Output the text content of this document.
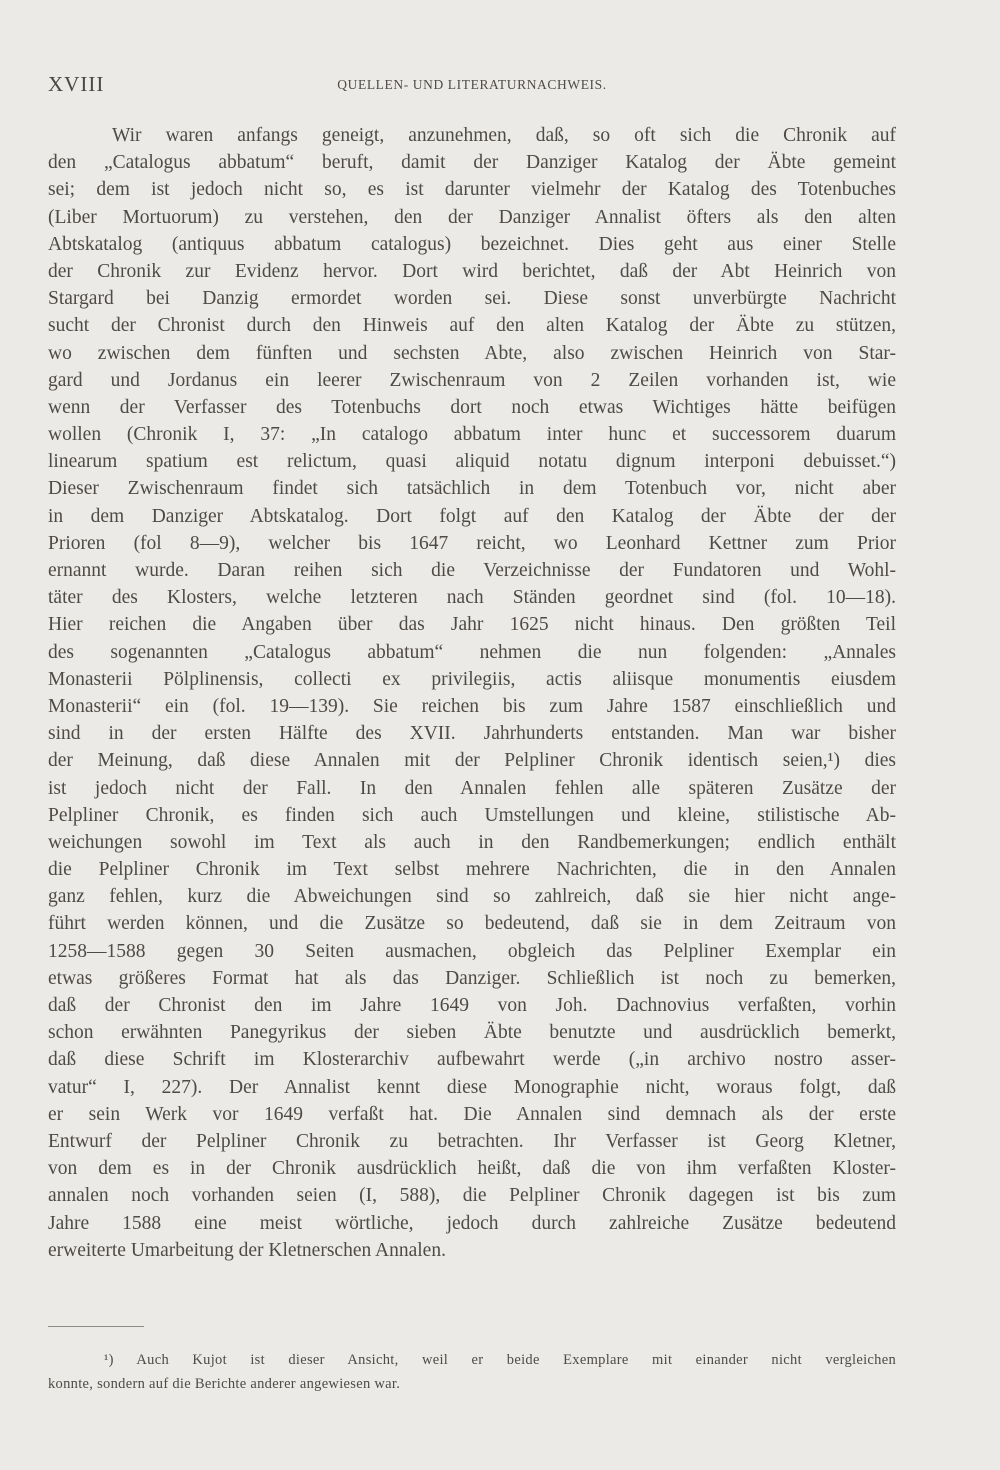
XVIII	QUELLEN- UND LITERATURNACHWEIS.
Wir waren anfangs geneigt, anzunehmen, daß, so oft sich die Chronik auf
den „Catalogus abbatum“ beruft, damit der Danziger Katalog der Äbte gemeint
sei; dem ist jedoch nicht so, es ist darunter vielmehr der Katalog des Totenbuches
(Liber Mortuorum) zu verstehen, den der Danziger Annalist öfters als den alten
Abtskatalog (antiquus abbatum catalogus) bezeichnet. Dies geht aus einer Stelle
der Chronik zur Evidenz hervor. Dort wird berichtet, daß der Abt Heinrich von
Stargard bei Danzig ermordet worden sei. Diese sonst unverbürgte Nachricht
sucht der Chronist durch den Hinweis auf den alten Katalog der Äbte zu stützen,
wo zwischen dem fünften und sechsten Abte, also zwischen Heinrich von Star-
gard und Jordanus ein leerer Zwischenraum von 2 Zeilen vorhanden ist, wie
wenn der Verfasser des Totenbuchs dort noch etwas Wichtiges hätte beifügen
wollen (Chronik I, 37: „In catalogo abbatum inter hunc et successorem duarum
linearum spatium est relictum, quasi aliquid notatu dignum interponi debuisset.“)
Dieser Zwischenraum findet sich tatsächlich in dem Totenbuch vor, nicht aber
in dem Danziger Abtskatalog. Dort folgt auf den Katalog der Äbte der der
Prioren (fol 8—9), welcher bis 1647 reicht, wo Leonhard Kettner zum Prior
ernannt wurde. Daran reihen sich die Verzeichnisse der Fundatoren und Wohl-
täter des Klosters, welche letzteren nach Ständen geordnet sind (fol. 10—18).
Hier reichen die Angaben über das Jahr 1625 nicht hinaus. Den größten Teil
des sogenannten „Catalogus abbatum“ nehmen die nun folgenden: „Annales
Monasterii Pölplinensis, collecti ex privilegiis, actis aliisque monumentis eiusdem
Monasterii“ ein (fol. 19—139). Sie reichen bis zum Jahre 1587 einschließlich und
sind in der ersten Hälfte des XVII. Jahrhunderts entstanden. Man war bisher
der Meinung, daß diese Annalen mit der Pelpliner Chronik identisch seien,¹) dies
ist jedoch nicht der Fall. In den Annalen fehlen alle späteren Zusätze der
Pelpliner Chronik, es finden sich auch Umstellungen und kleine, stilistische Ab-
weichungen sowohl im Text als auch in den Randbemerkungen; endlich enthält
die Pelpliner Chronik im Text selbst mehrere Nachrichten, die in den Annalen
ganz fehlen, kurz die Abweichungen sind so zahlreich, daß sie hier nicht ange-
führt werden können, und die Zusätze so bedeutend, daß sie in dem Zeitraum von
1258—1588 gegen 30 Seiten ausmachen, obgleich das Pelpliner Exemplar ein
etwas größeres Format hat als das Danziger. Schließlich ist noch zu bemerken,
daß der Chronist den im Jahre 1649 von Joh. Dachnovius verfaßten, vorhin
schon erwähnten Panegyrikus der sieben Äbte benutzte und ausdrücklich bemerkt,
daß diese Schrift im Klosterarchiv aufbewahrt werde („in archivo nostro asser-
vatur“ I, 227). Der Annalist kennt diese Monographie nicht, woraus folgt, daß
er sein Werk vor 1649 verfaßt hat. Die Annalen sind demnach als der erste
Entwurf der Pelpliner Chronik zu betrachten. Ihr Verfasser ist Georg Kletner,
von dem es in der Chronik ausdrücklich heißt, daß die von ihm verfaßten Kloster-
annalen noch vorhanden seien (I, 588), die Pelpliner Chronik dagegen ist bis zum
Jahre 1588 eine meist wörtliche, jedoch durch zahlreiche Zusätze bedeutend
erweiterte Umarbeitung der Kletnerschen Annalen.
¹) Auch Kujot ist dieser Ansicht, weil er beide Exemplare mit einander nicht vergleichen
konnte, sondern auf die Berichte anderer angewiesen war.
